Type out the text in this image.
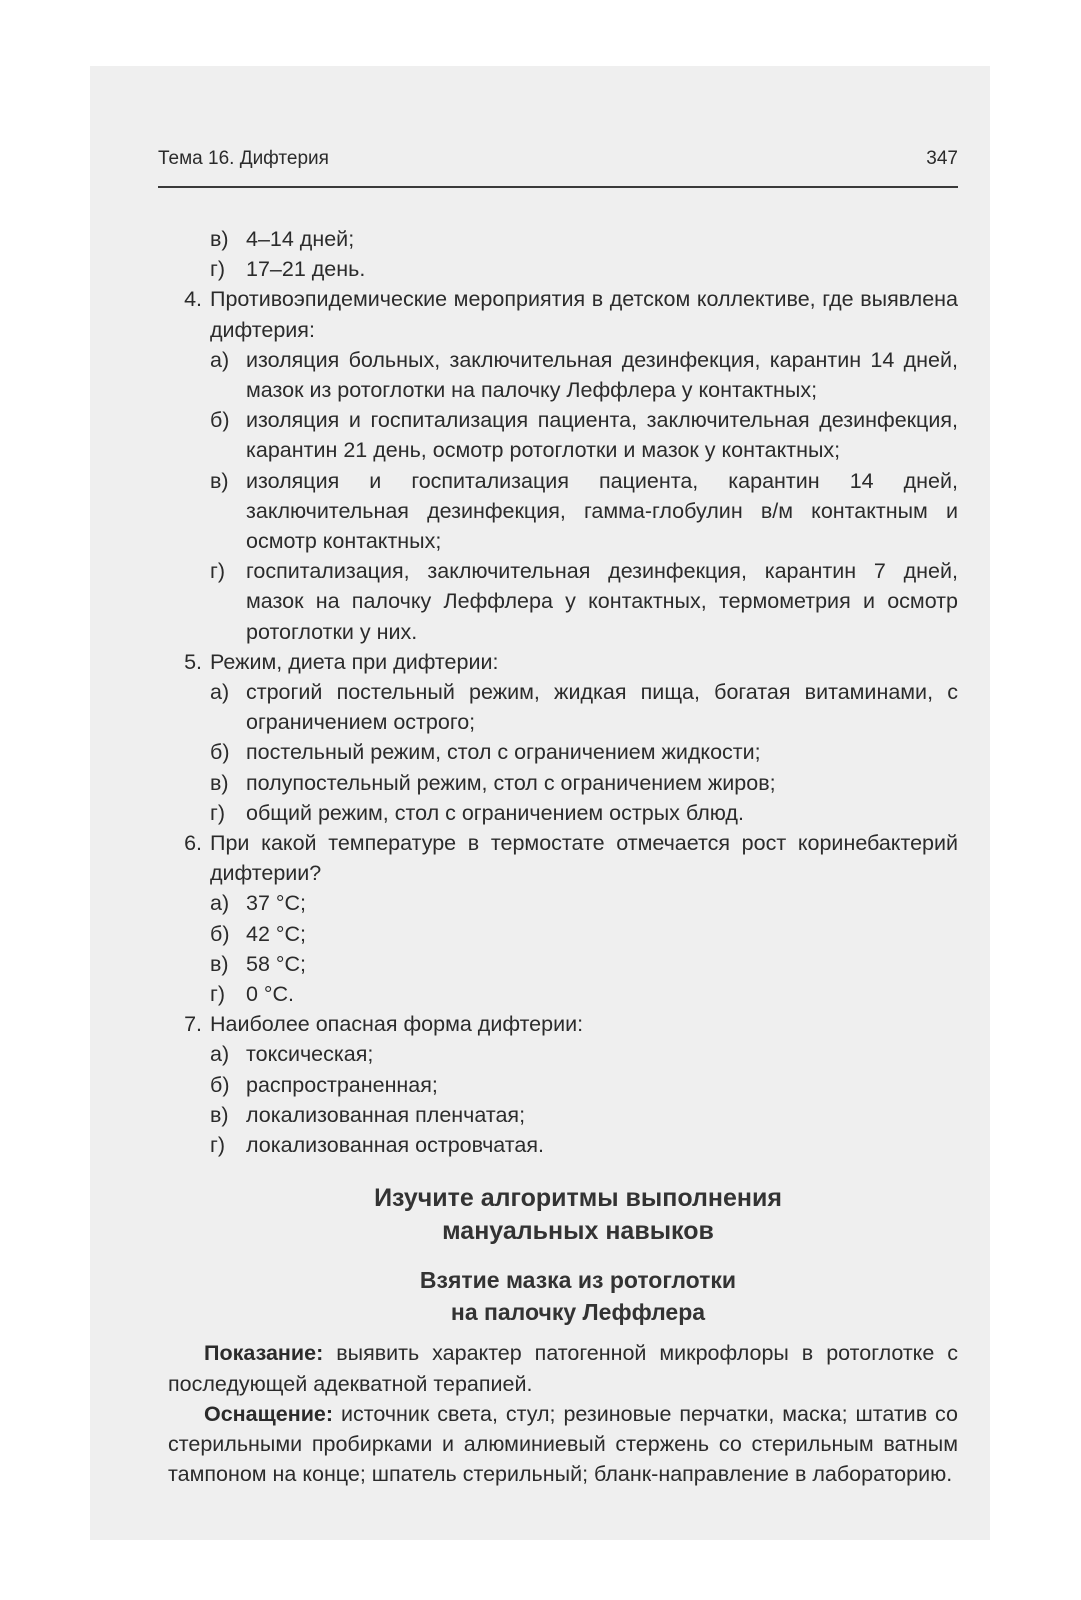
Тема 16. Дифтерия	347
в) 4–14 дней;
г) 17–21 день.
4. Противоэпидемические мероприятия в детском коллективе, где выявлена дифтерия:
а) изоляция больных, заключительная дезинфекция, карантин 14 дней, мазок из ротоглотки на палочку Леффлера у контактных;
б) изоляция и госпитализация пациента, заключительная дезинфекция, карантин 21 день, осмотр ротоглотки и мазок у контактных;
в) изоляция и госпитализация пациента, карантин 14 дней, заключительная дезинфекция, гамма-глобулин в/м контактным и осмотр контактных;
г) госпитализация, заключительная дезинфекция, карантин 7 дней, мазок на палочку Леффлера у контактных, термометрия и осмотр ротоглотки у них.
5. Режим, диета при дифтерии:
а) строгий постельный режим, жидкая пища, богатая витаминами, с ограничением острого;
б) постельный режим, стол с ограничением жидкости;
в) полупостельный режим, стол с ограничением жиров;
г) общий режим, стол с ограничением острых блюд.
6. При какой температуре в термостате отмечается рост коринебактерий дифтерии?
а) 37 °С;
б) 42 °С;
в) 58 °С;
г) 0 °С.
7. Наиболее опасная форма дифтерии:
а) токсическая;
б) распространенная;
в) локализованная пленчатая;
г) локализованная островчатая.
Изучите алгоритмы выполнения
мануальных навыков
Взятие мазка из ротоглотки
на палочку Леффлера
Показание: выявить характер патогенной микрофлоры в ротоглотке с последующей адекватной терапией.
Оснащение: источник света, стул; резиновые перчатки, маска; штатив со стерильными пробирками и алюминиевый стержень со стерильным ватным тампоном на конце; шпатель стерильный; бланк-направление в лабораторию.
